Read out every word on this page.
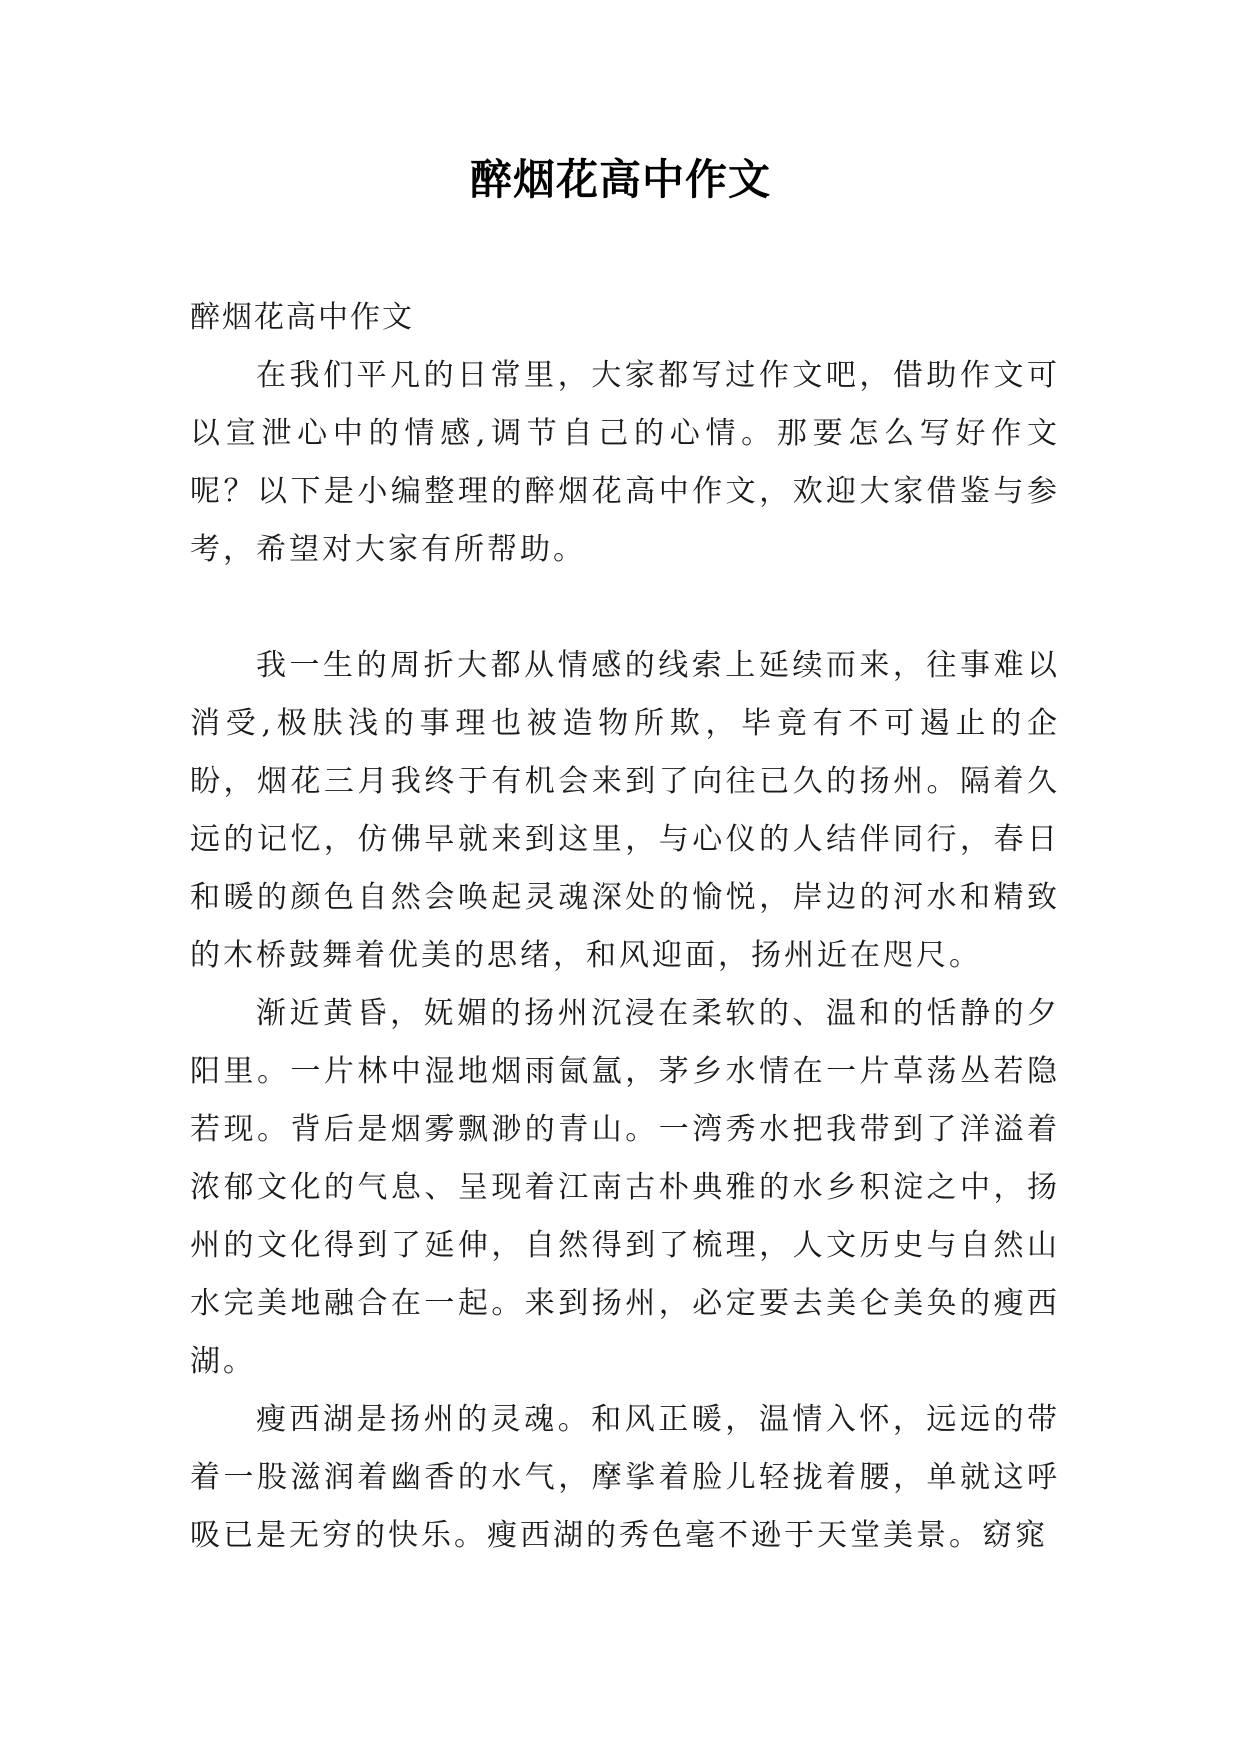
醉烟花高中作文

醉烟花高中作文

在我们平凡的日常里，大家都写过作文吧，借助作文可以宣泄心中的情感,调节自己的心情。那要怎么写好作文呢？以下是小编整理的醉烟花高中作文，欢迎大家借鉴与参考，希望对大家有所帮助。

我一生的周折大都从情感的线索上延续而来，往事难以消受,极肤浅的事理也被造物所欺，毕竟有不可遏止的企盼，烟花三月我终于有机会来到了向往已久的扬州。隔着久远的记忆，仿佛早就来到这里，与心仪的人结伴同行，春日和暖的颜色自然会唤起灵魂深处的愉悦，岸边的河水和精致的木桥鼓舞着优美的思绪，和风迎面，扬州近在咫尺。

渐近黄昏，妩媚的扬州沉浸在柔软的、温和的恬静的夕阳里。一片林中湿地烟雨氤氲，茅乡水情在一片草荡丛若隐若现。背后是烟雾飘渺的青山。一湾秀水把我带到了洋溢着浓郁文化的气息、呈现着江南古朴典雅的水乡积淀之中，扬州的文化得到了延伸，自然得到了梳理，人文历史与自然山水完美地融合在一起。来到扬州，必定要去美仑美奂的瘦西湖。

瘦西湖是扬州的灵魂。和风正暖，温情入怀，远远的带着一股滋润着幽香的水气，摩挲着脸儿轻拢着腰，单就这呼吸已是无穷的快乐。瘦西湖的秀色毫不逊于天堂美景。窈窕
